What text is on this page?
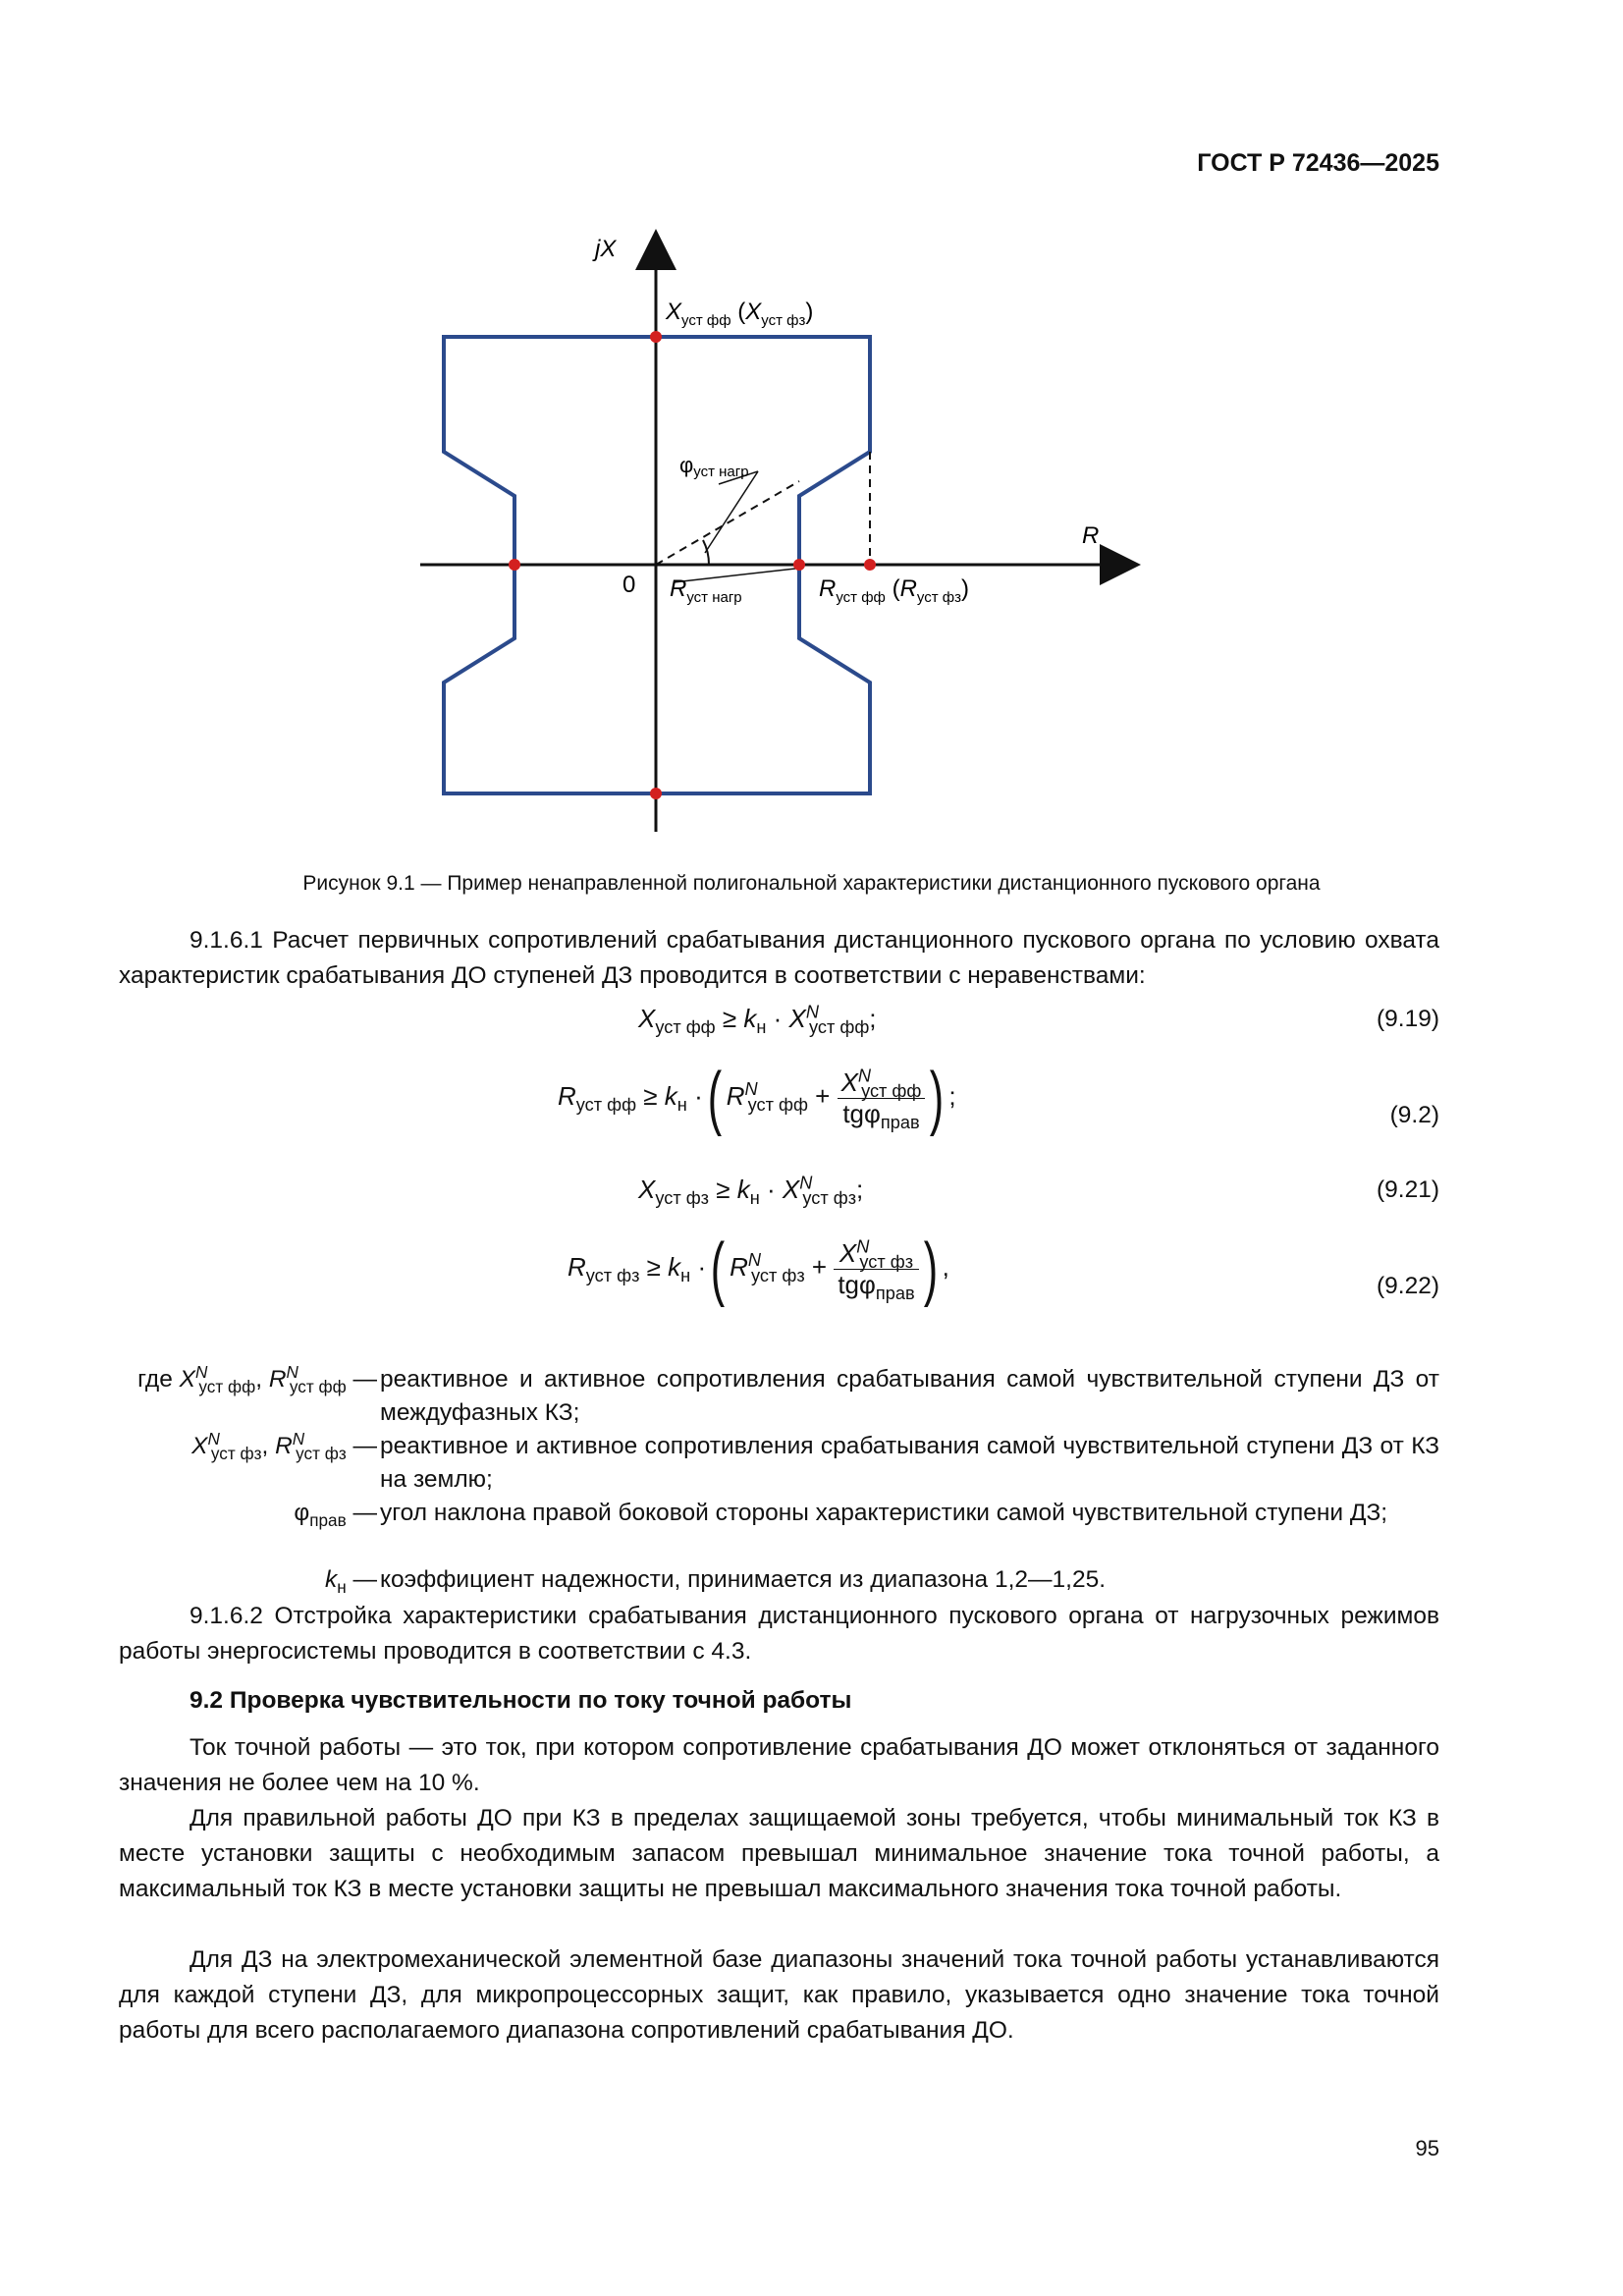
ГОСТ Р 72436—2025
jX
R
0
$X_{уст фф}$ $(X_{уст фз})$
φуст нагр
$R_{уст нагр}$	$R_{уст фф}$ $(R_{уст фз})$
Рисунок 9.1 — Пример ненаправленной полигональной характеристики дистанционного пускового органа
9.1.6.1 Расчет первичных сопротивлений срабатывания дистанционного пускового органа по условию охвата характеристик срабатывания ДО ступеней ДЗ проводится в соответствии с неравенствами:
$X_{уст фф} \ge k_н \cdot X^N_{уст фф}$;	(9.19)
$R_{уст фф} \ge k_н$ ·( $R^N_{уст фф} + \frac{X^N_{уст фф}}{tg\varphi_{прав}}$ ) ;
(9.2)
$X_{уст фз} \ge k_н \cdot X^N_{уст фз}$;	(9.21)
$R_{уст фз} \ge k_н$ ·( $R^N_{уст фз} + \frac{X^N_{уст фз}}{tg\varphi_{прав}}$ ) ,
(9.22)
где $X^N_{уст фф}$, $R^N_{уст фф}$ — реактивное и активное сопротивления срабатывания самой чувствительной ступени ДЗ от междуфазных КЗ;
$X^N_{уст фз}$, $R^N_{уст фз}$ — реактивное и активное сопротивления срабатывания самой чувствительной ступени ДЗ от КЗ на землю;
$\varphi_{прав}$ — угол наклона правой боковой стороны характеристики самой чувствительной ступени ДЗ;
$k_н$ — коэффициент надежности, принимается из диапазона 1,2—1,25.
9.1.6.2 Отстройка характеристики срабатывания дистанционного пускового органа от нагрузочных режимов работы энергосистемы проводится в соответствии с 4.3.
9.2 Проверка чувствительности по току точной работы
Ток точной работы — это ток, при котором сопротивление срабатывания ДО может отклоняться от заданного значения не более чем на 10 %.
Для правильной работы ДО при КЗ в пределах защищаемой зоны требуется, чтобы минимальный ток КЗ в месте установки защиты с необходимым запасом превышал минимальное значение тока точной работы, а максимальный ток КЗ в месте установки защиты не превышал максимального значения тока точной работы.
Для ДЗ на электромеханической элементной базе диапазоны значений тока точной работы устанавливаются для каждой ступени ДЗ, для микропроцессорных защит, как правило, указывается одно значение тока точной работы для всего располагаемого диапазона сопротивлений срабатывания ДО.
95
